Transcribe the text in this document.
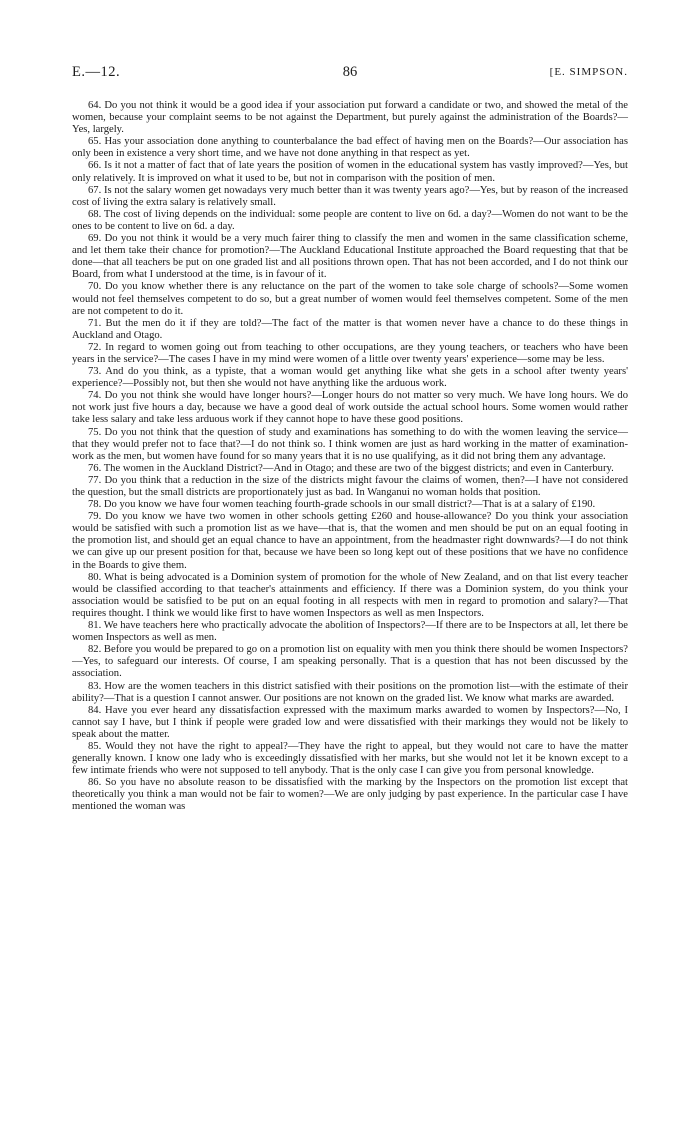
E.—12.	86	[E. SIMPSON.

64. Do you not think it would be a good idea if your association put forward a candidate or two, and showed the metal of the women, because your complaint seems to be not against the Department, but purely against the administration of the Boards?—Yes, largely.

65. Has your association done anything to counterbalance the bad effect of having men on the Boards?—Our association has only been in existence a very short time, and we have not done anything in that respect as yet.

66. Is it not a matter of fact that of late years the position of women in the educational system has vastly improved?—Yes, but only relatively. It is improved on what it used to be, but not in comparison with the position of men.

67. Is not the salary women get nowadays very much better than it was twenty years ago?—Yes, but by reason of the increased cost of living the extra salary is relatively small.

68. The cost of living depends on the individual: some people are content to live on 6d. a day?—Women do not want to be the ones to be content to live on 6d. a day.

69. Do you not think it would be a very much fairer thing to classify the men and women in the same classification scheme, and let them take their chance for promotion?—The Auckland Educational Institute approached the Board requesting that that be done—that all teachers be put on one graded list and all positions thrown open. That has not been accorded, and I do not think our Board, from what I understood at the time, is in favour of it.

70. Do you know whether there is any reluctance on the part of the women to take sole charge of schools?—Some women would not feel themselves competent to do so, but a great number of women would feel themselves competent. Some of the men are not competent to do it.

71. But the men do it if they are told?—The fact of the matter is that women never have a chance to do these things in Auckland and Otago.

72. In regard to women going out from teaching to other occupations, are they young teachers, or teachers who have been years in the service?—The cases I have in my mind were women of a little over twenty years' experience—some may be less.

73. And do you think, as a typiste, that a woman would get anything like what she gets in a school after twenty years' experience?—Possibly not, but then she would not have anything like the arduous work.

74. Do you not think she would have longer hours?—Longer hours do not matter so very much. We have long hours. We do not work just five hours a day, because we have a good deal of work outside the actual school hours. Some women would rather take less salary and take less arduous work if they cannot hope to have these good positions.

75. Do you not think that the question of study and examinations has something to do with the women leaving the service—that they would prefer not to face that?—I do not think so. I think women are just as hard working in the matter of examination-work as the men, but women have found for so many years that it is no use qualifying, as it did not bring them any advantage.

76. The women in the Auckland District?—And in Otago; and these are two of the biggest districts; and even in Canterbury.

77. Do you think that a reduction in the size of the districts might favour the claims of women, then?—I have not considered the question, but the small districts are proportionately just as bad. In Wanganui no woman holds that position.

78. Do you know we have four women teaching fourth-grade schools in our small district?—That is at a salary of £190.

79. Do you know we have two women in other schools getting £260 and house-allowance? Do you think your association would be satisfied with such a promotion list as we have—that is, that the women and men should be put on an equal footing in the promotion list, and should get an equal chance to have an appointment, from the headmaster right downwards?—I do not think we can give up our present position for that, because we have been so long kept out of these positions that we have no confidence in the Boards to give them.

80. What is being advocated is a Dominion system of promotion for the whole of New Zealand, and on that list every teacher would be classified according to that teacher's attainments and efficiency. If there was a Dominion system, do you think your association would be satisfied to be put on an equal footing in all respects with men in regard to promotion and salary?—That requires thought. I think we would like first to have women Inspectors as well as men Inspectors.

81. We have teachers here who practically advocate the abolition of Inspectors?—If there are to be Inspectors at all, let there be women Inspectors as well as men.

82. Before you would be prepared to go on a promotion list on equality with men you think there should be women Inspectors?—Yes, to safeguard our interests. Of course, I am speaking personally. That is a question that has not been discussed by the association.

83. How are the women teachers in this district satisfied with their positions on the promotion list—with the estimate of their ability?—That is a question I cannot answer. Our positions are not known on the graded list. We know what marks are awarded.

84. Have you ever heard any dissatisfaction expressed with the maximum marks awarded to women by Inspectors?—No, I cannot say I have, but I think if people were graded low and were dissatisfied with their markings they would not be likely to speak about the matter.

85. Would they not have the right to appeal?—They have the right to appeal, but they would not care to have the matter generally known. I know one lady who is exceedingly dissatisfied with her marks, but she would not let it be known except to a few intimate friends who were not supposed to tell anybody. That is the only case I can give you from personal knowledge.

86. So you have no absolute reason to be dissatisfied with the marking by the Inspectors on the promotion list except that theoretically you think a man would not be fair to women?—We are only judging by past experience. In the particular case I have mentioned the woman was
